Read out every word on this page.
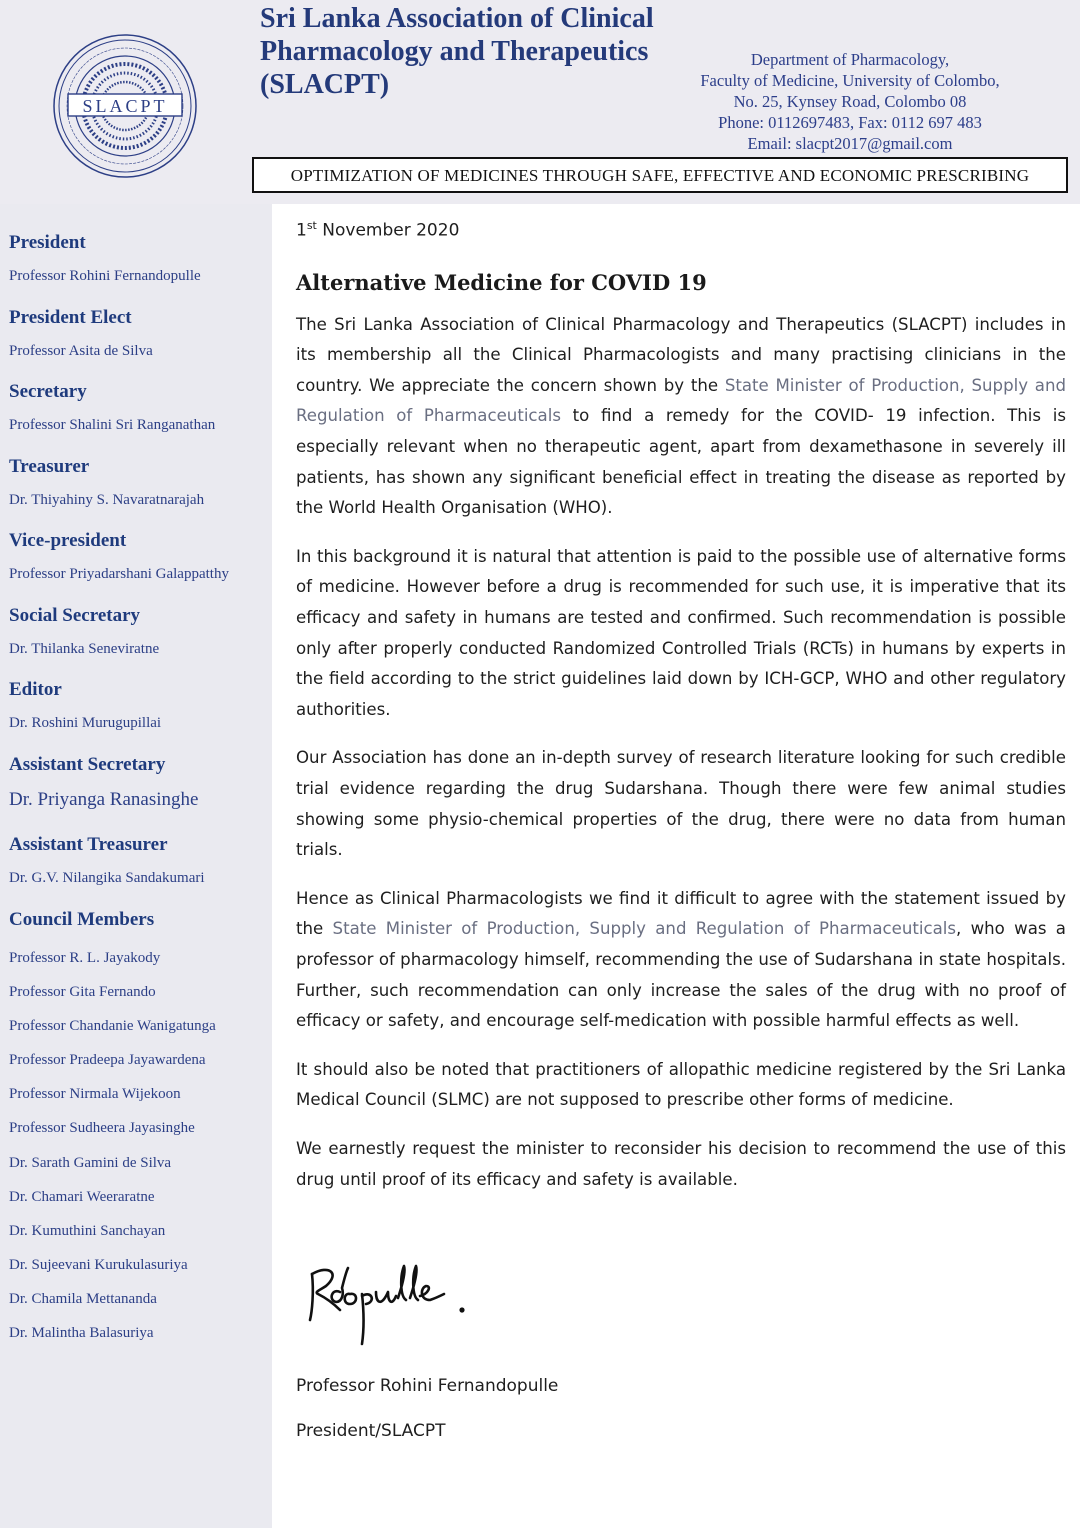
SLACPT
Sri Lanka Association of Clinical
Pharmacology and Therapeutics
(SLACPT)
Department of Pharmacology,
Faculty of Medicine, University of Colombo,
No. 25, Kynsey Road, Colombo 08
Phone: 0112697483, Fax: 0112 697 483
Email: slacpt2017@gmail.com
OPTIMIZATION OF MEDICINES THROUGH SAFE, EFFECTIVE AND ECONOMIC PRESCRIBING
President
Professor Rohini Fernandopulle
President Elect
Professor Asita de Silva
Secretary
Professor Shalini Sri Ranganathan
Treasurer
Dr. Thiyahiny S. Navaratnarajah
Vice-president
Professor Priyadarshani Galappatthy
Social Secretary
Dr. Thilanka Seneviratne
Editor
Dr. Roshini Murugupillai
Assistant Secretary
Dr. Priyanga Ranasinghe
Assistant Treasurer
Dr. G.V. Nilangika Sandakumari
Council Members
Professor R. L. Jayakody
Professor Gita Fernando
Professor Chandanie Wanigatunga
Professor Pradeepa Jayawardena
Professor Nirmala Wijekoon
Professor Sudheera Jayasinghe
Dr. Sarath Gamini de Silva
Dr. Chamari Weeraratne
Dr. Kumuthini Sanchayan
Dr. Sujeevani Kurukulasuriya
Dr. Chamila Mettananda
Dr. Malintha Balasuriya
1st November 2020
Alternative Medicine for COVID 19
The Sri Lanka Association of Clinical Pharmacology and Therapeutics (SLACPT) includes in its membership all the Clinical Pharmacologists and many practising clinicians in the country. We appreciate the concern shown by the State Minister of Production, Supply and Regulation of Pharmaceuticals to find a remedy for the COVID- 19 infection. This is especially relevant when no therapeutic agent, apart from dexamethasone in severely ill patients, has shown any significant beneficial effect in treating the disease as reported by the World Health Organisation (WHO).
In this background it is natural that attention is paid to the possible use of alternative forms of medicine. However before a drug is recommended for such use, it is imperative that its efficacy and safety in humans are tested and confirmed. Such recommendation is possible only after properly conducted Randomized Controlled Trials (RCTs) in humans by experts in the field according to the strict guidelines laid down by ICH-GCP, WHO and other regulatory authorities.
Our Association has done an in-depth survey of research literature looking for such credible trial evidence regarding the drug Sudarshana. Though there were few animal studies showing some physio-chemical properties of the drug, there were no data from human trials.
Hence as Clinical Pharmacologists we find it difficult to agree with the statement issued by the State Minister of Production, Supply and Regulation of Pharmaceuticals, who was a professor of pharmacology himself, recommending the use of Sudarshana in state hospitals. Further, such recommendation can only increase the sales of the drug with no proof of efficacy or safety, and encourage self-medication with possible harmful effects as well.
It should also be noted that practitioners of allopathic medicine registered by the Sri Lanka Medical Council (SLMC) are not supposed to prescribe other forms of medicine.
We earnestly request the minister to reconsider his decision to recommend the use of this drug until proof of its efficacy and safety is available.
Professor Rohini Fernandopulle
President/SLACPT
